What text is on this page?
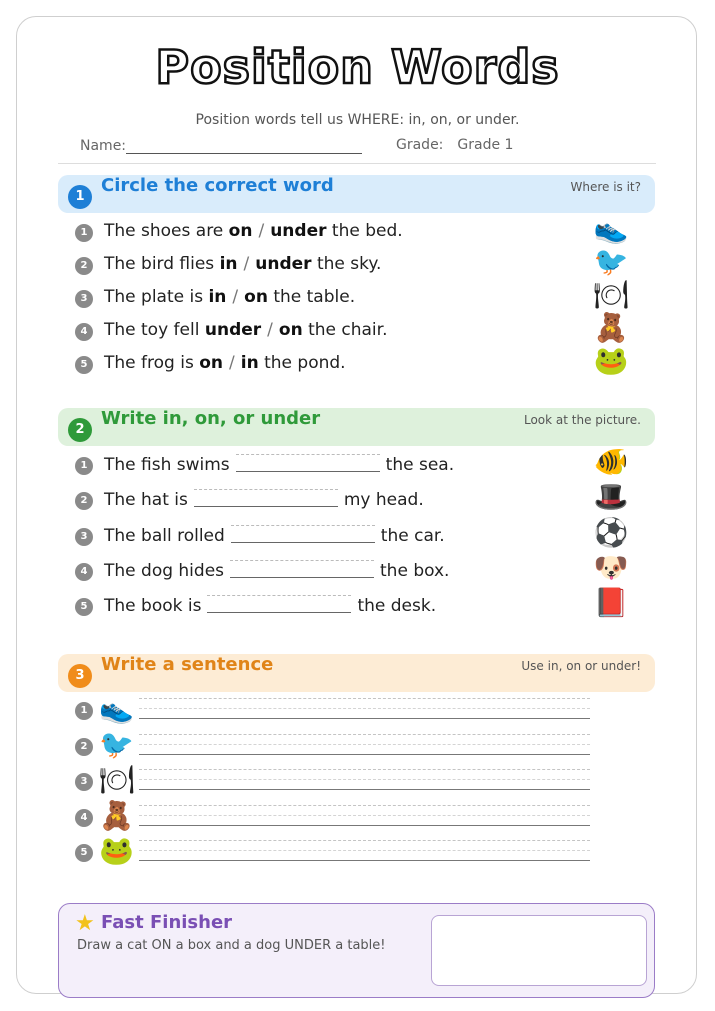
Position Words
Position words tell us WHERE: in, on, or under.
Name:	Grade: Grade 1
1
Circle the correct word	Where is it?
1 The shoes are on / under the bed.	👟
2 The bird flies in / under the sky.	🐦
3 The plate is in / on the table.	🍽
4 The toy fell under / on the chair.	🧸
5 The frog is on / in the pond.	🐸
2
Write in, on, or under	Look at the picture.
1 The fish swims	the sea.	🐠
2 The hat is	my head.	🎩
3 The ball rolled	the car.	⚽
4 The dog hides	the box.	🐶
5 The book is	the desk.	📕
3
Write a sentence	Use in, on or under!
1 👟
2 🐦
3 🍽
4 🧸
5 🐸
★ Fast Finisher
Draw a cat ON a box and a dog UNDER a table!
